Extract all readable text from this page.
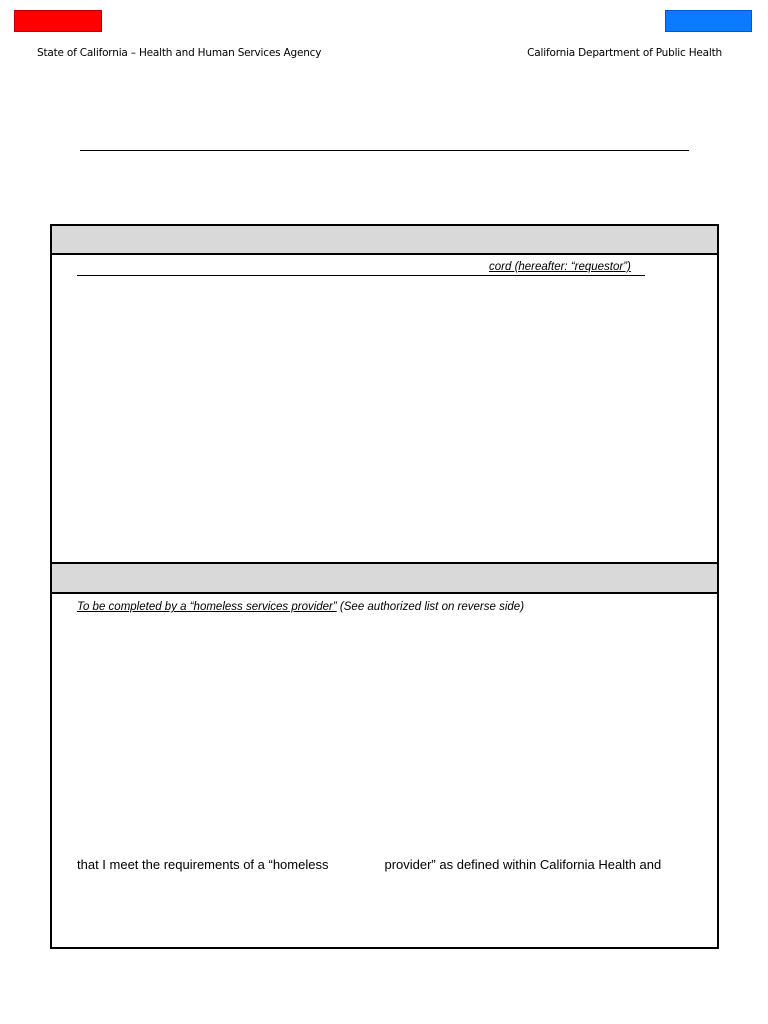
State of California – Health and Human Services Agency	California Department of Public Health
cord (hereafter: “requestor”)
To be completed by a “homeless services provider” (See authorized list on reverse side)
that I meet the requirements of a “homeless	provider” as defined within California Health and
